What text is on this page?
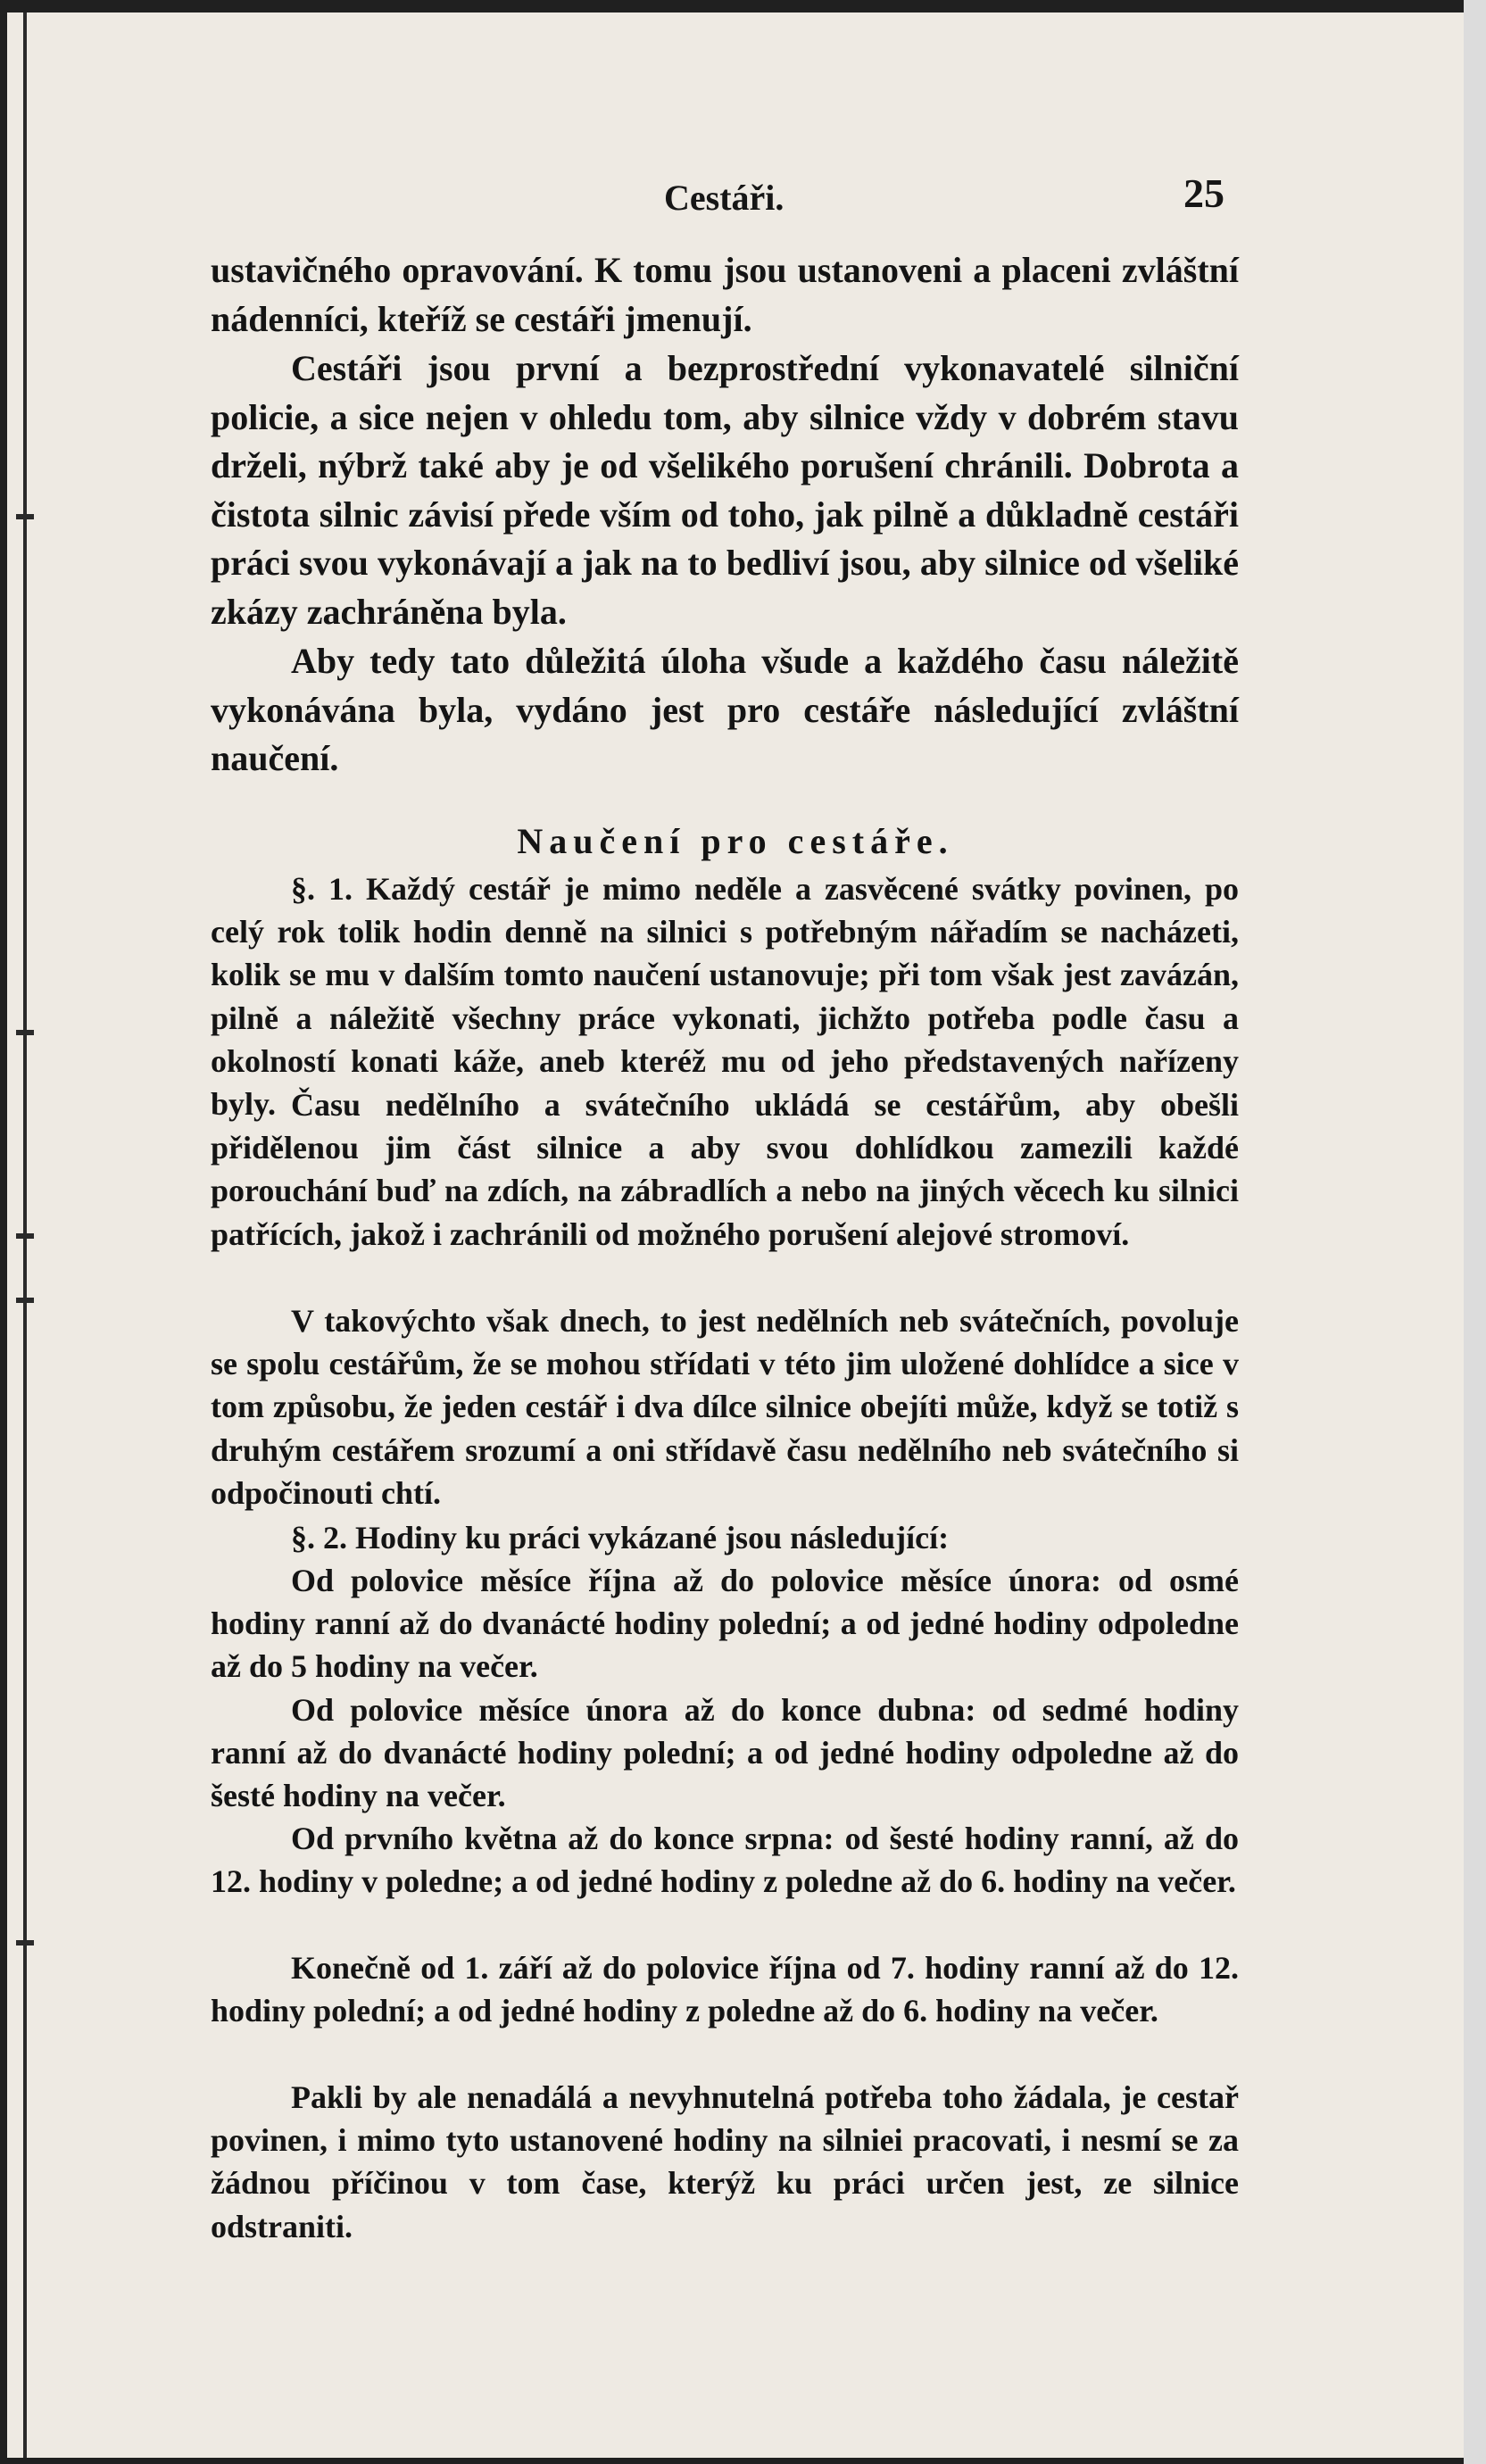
Cestáři.	25

ustavičného opravování. K tomu jsou ustanoveni a placeni zvláštní nádenníci, kteříž se cestáři jmenují.

Cestáři jsou první a bezprostřední vykonavatelé silniční policie, a sice nejen v ohledu tom, aby silnice vždy v dobrém stavu drželi, nýbrž také aby je od všelikého porušení chránili. Dobrota a čistota silnic závisí přede vším od toho, jak pilně a důkladně cestáři práci svou vykonávají a jak na to bedliví jsou, aby silnice od všeliké zkázy zachráněna byla.

Aby tedy tato důležitá úloha všude a každého času náležitě vykonávána byla, vydáno jest pro cestáře následující zvláštní naučení.

Naučení pro cestáře.

§. 1. Každý cestář je mimo neděle a zasvěcené svátky povinen, po celý rok tolik hodin denně na silnici s potřebným nářadím se nacházeti, kolik se mu v dalším tomto naučení ustanovuje; při tom však jest zavázán, pilně a náležitě všechny práce vykonati, jichžto potřeba podle času a okolností konati káže, aneb kteréž mu od jeho představených nařízeny byly. Času nedělního a svátečního ukládá se cestářům, aby obešli přidělenou jim část silnice a aby svou dohlídkou zamezili každé porouchání buď na zdích, na zábradlích a nebo na jiných věcech ku silnici patřících, jakož i zachránili od možného porušení alejové stromoví.

V takovýchto však dnech, to jest nedělních neb svátečních, povoluje se spolu cestářům, že se mohou střídati v této jim uložené dohlídce a sice v tom způsobu, že jeden cestář i dva dílce silnice obejíti může, když se totiž s druhým cestářem srozumí a oni střídavě času nedělního neb svátečního si odpočinouti chtí.

§. 2. Hodiny ku práci vykázané jsou následující:

Od polovice měsíce října až do polovice měsíce února: od osmé hodiny ranní až do dvanácté hodiny polední; a od jedné hodiny odpoledne až do 5 hodiny na večer.

Od polovice měsíce února až do konce dubna: od sedmé hodiny ranní až do dvanácté hodiny polední; a od jedné hodiny odpoledne až do šesté hodiny na večer.

Od prvního května až do konce srpna: od šesté hodiny ranní, až do 12. hodiny v poledne; a od jedné hodiny z poledne až do 6. hodiny na večer.

Konečně od 1. září až do polovice října od 7. hodiny ranní až do 12. hodiny polední; a od jedné hodiny z poledne až do 6. hodiny na večer.

Pakli by ale nenadálá a nevyhnutelná potřeba toho žádala, je cestař povinen, i mimo tyto ustanovené hodiny na silniei pracovati, i nesmí se za žádnou příčinou v tom čase, kterýž ku práci určen jest, ze silnice odstraniti.
